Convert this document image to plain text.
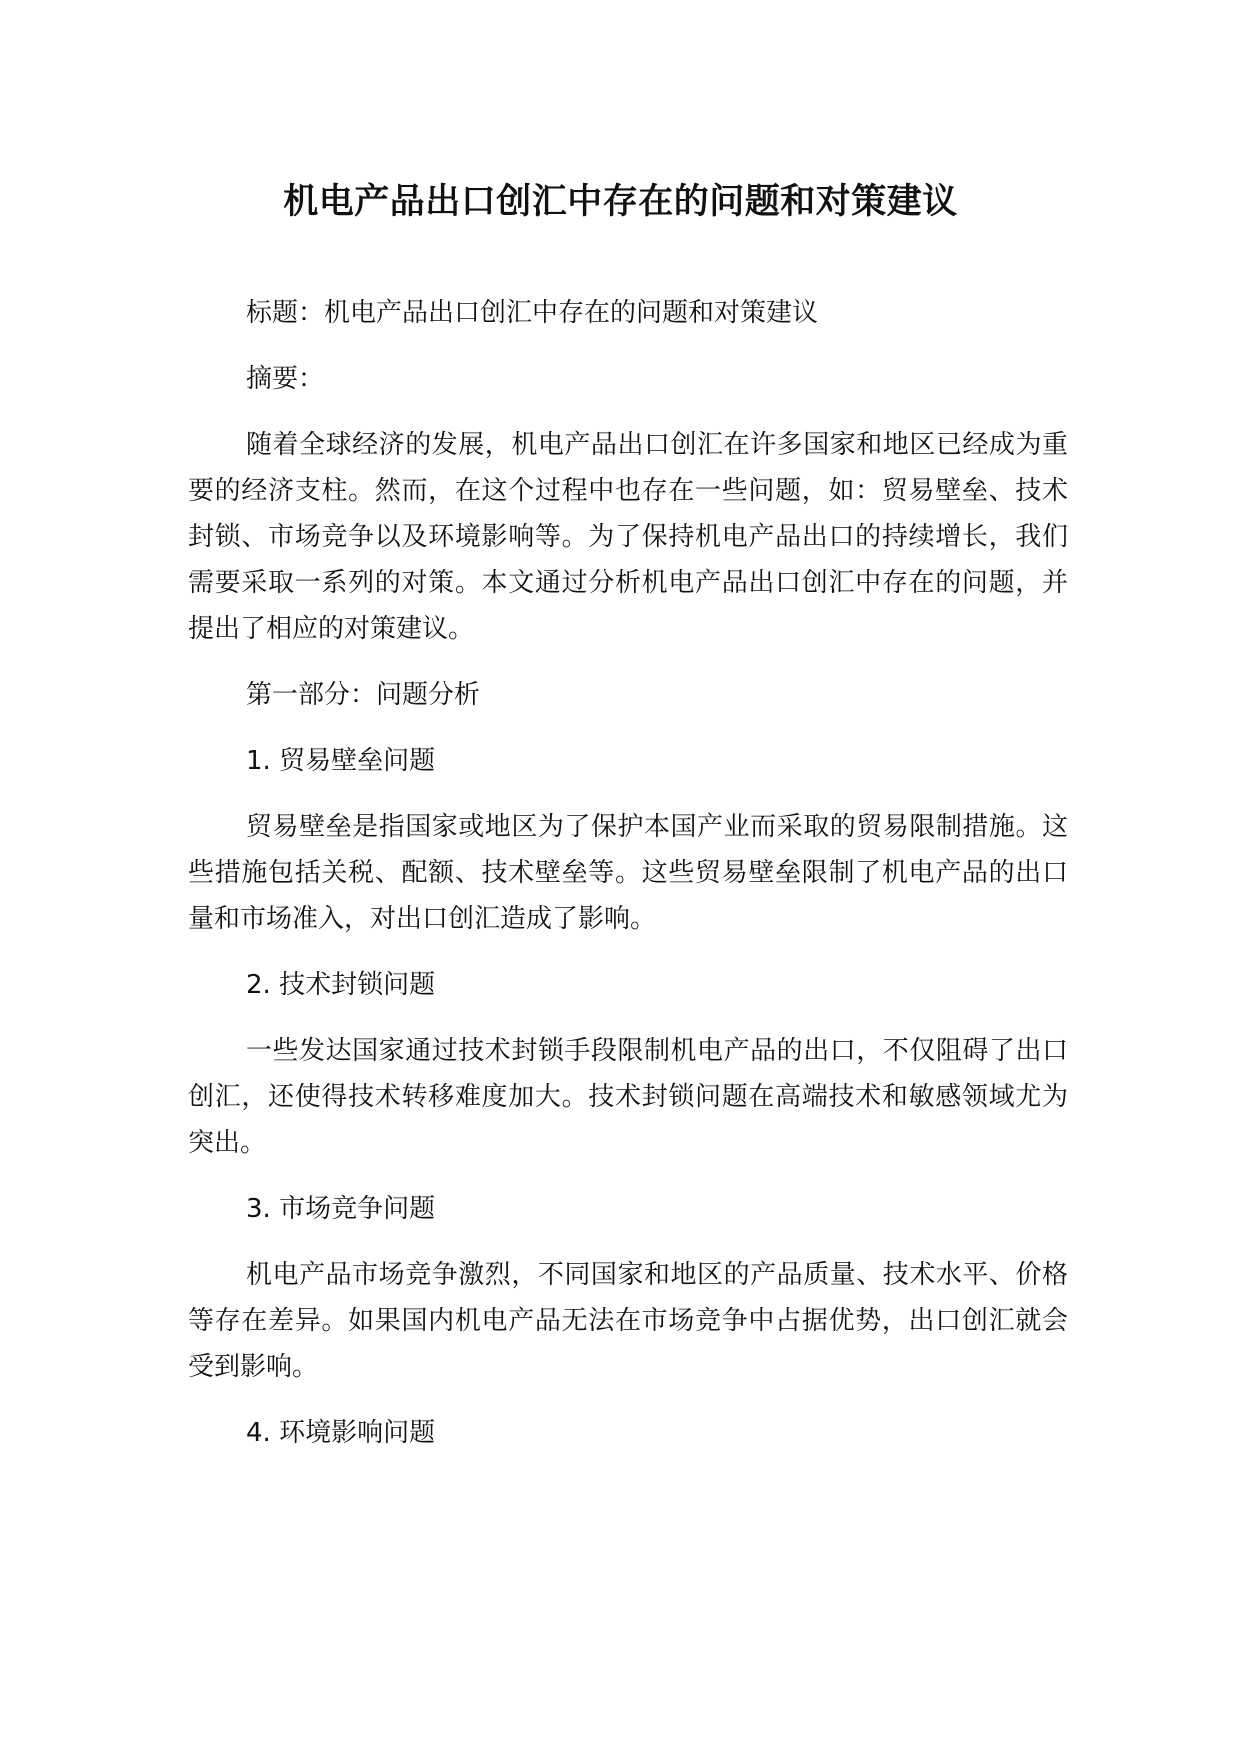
机电产品出口创汇中存在的问题和对策建议

标题：机电产品出口创汇中存在的问题和对策建议

摘要：

随着全球经济的发展，机电产品出口创汇在许多国家和地区已经成为重要的经济支柱。然而，在这个过程中也存在一些问题，如：贸易壁垒、技术封锁、市场竞争以及环境影响等。为了保持机电产品出口的持续增长，我们需要采取一系列的对策。本文通过分析机电产品出口创汇中存在的问题，并提出了相应的对策建议。

第一部分：问题分析

1. 贸易壁垒问题

贸易壁垒是指国家或地区为了保护本国产业而采取的贸易限制措施。这些措施包括关税、配额、技术壁垒等。这些贸易壁垒限制了机电产品的出口量和市场准入，对出口创汇造成了影响。

2. 技术封锁问题

一些发达国家通过技术封锁手段限制机电产品的出口，不仅阻碍了出口创汇，还使得技术转移难度加大。技术封锁问题在高端技术和敏感领域尤为突出。

3. 市场竞争问题

机电产品市场竞争激烈，不同国家和地区的产品质量、技术水平、价格等存在差异。如果国内机电产品无法在市场竞争中占据优势，出口创汇就会受到影响。

4. 环境影响问题
